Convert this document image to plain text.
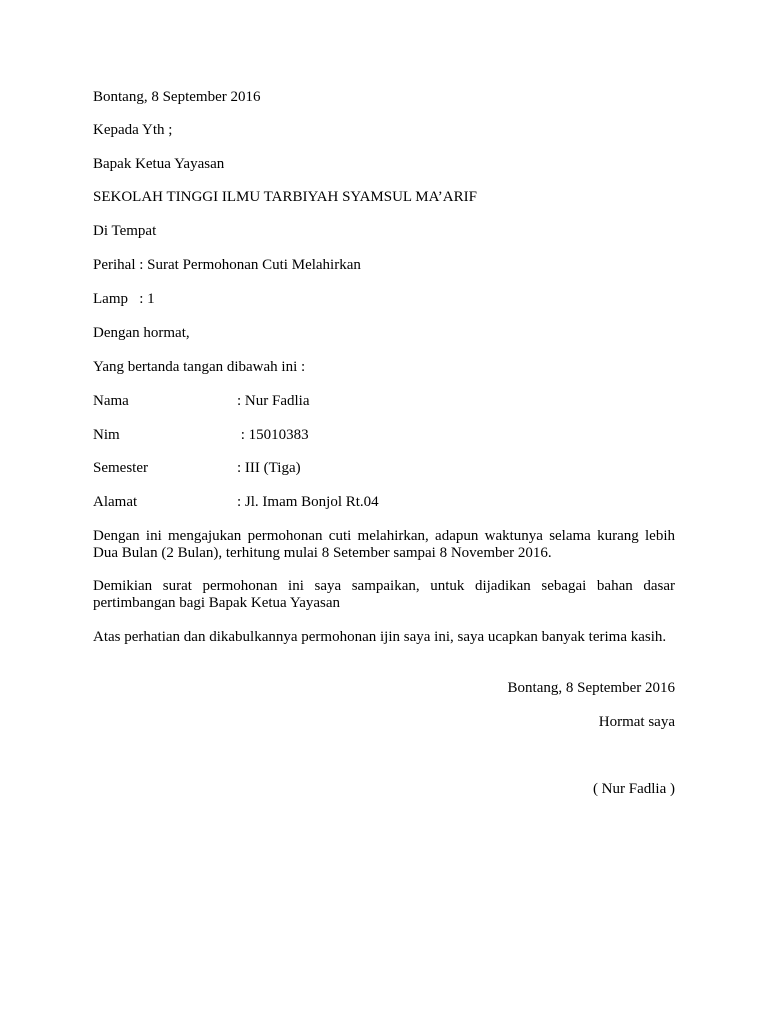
Bontang, 8 September 2016
Kepada Yth ;
Bapak Ketua Yayasan
SEKOLAH TINGGI ILMU TARBIYAH SYAMSUL MA’ARIF
Di Tempat
Perihal : Surat Permohonan Cuti Melahirkan
Lamp   : 1
Dengan hormat,
Yang bertanda tangan dibawah ini :
Nama	: Nur Fadlia
Nim	: 15010383
Semester	: III (Tiga)
Alamat	: Jl. Imam Bonjol Rt.04
Dengan ini mengajukan permohonan cuti melahirkan, adapun waktunya selama kurang lebih Dua Bulan (2 Bulan), terhitung mulai 8 Setember sampai 8 November 2016.
Demikian surat permohonan ini saya sampaikan, untuk dijadikan sebagai bahan dasar pertimbangan bagi Bapak Ketua Yayasan
Atas perhatian dan dikabulkannya permohonan ijin saya ini, saya ucapkan banyak terima kasih.
Bontang, 8 September 2016
Hormat saya
( Nur Fadlia )
